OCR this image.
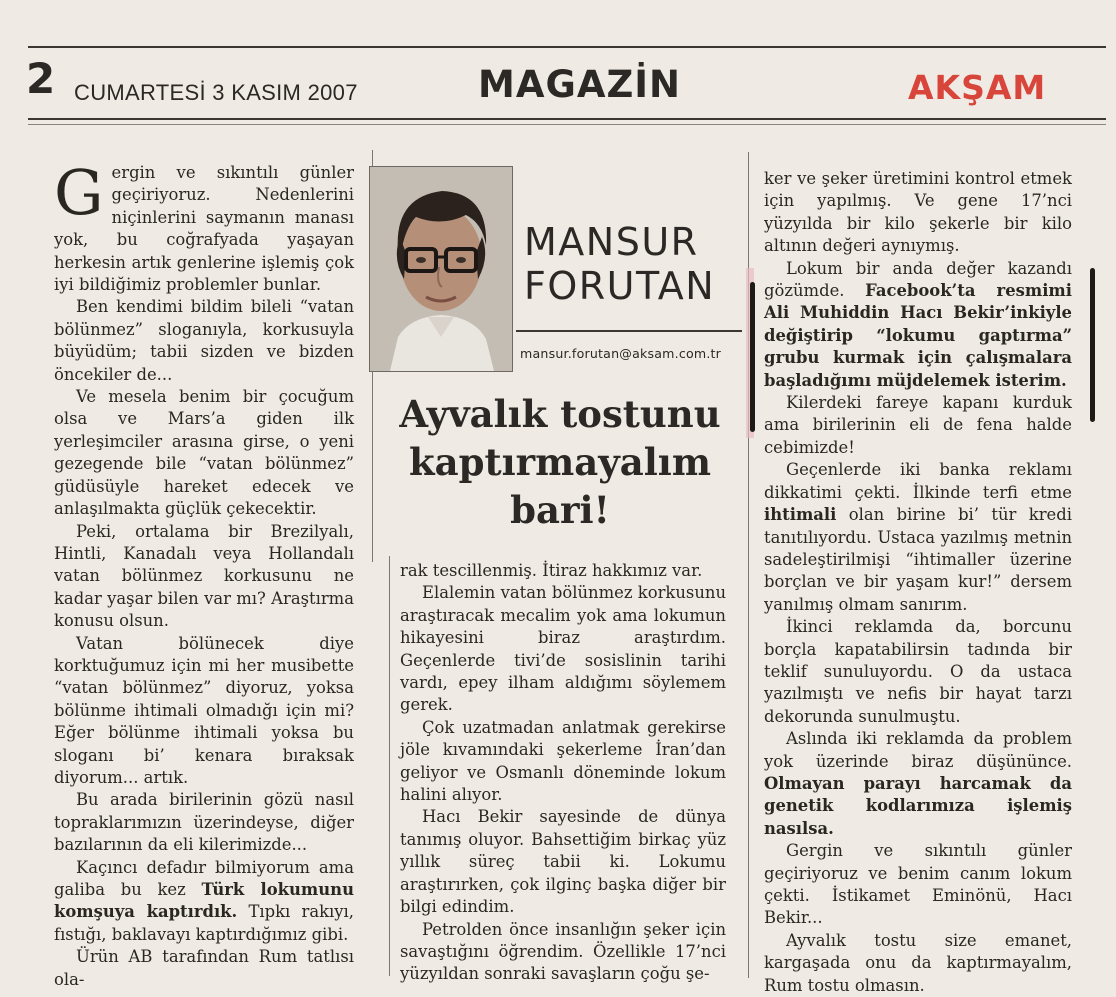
2 CUMARTESİ 3 KASIM 2007	MAGAZİN	AKŞAM
MANSUR
FORUTAN
mansur.forutan@aksam.com.tr
Ayvalık tostunu
kaptırmayalım
bari!

Gergin ve sıkıntılı günler geçiriyoruz. Nedenlerini niçinlerini saymanın manası yok, bu coğrafyada yaşayan herkesin artık genlerine işlemiş çok iyi bildiğimiz problemler bunlar.

Ben kendimi bildim bileli “vatan bölünmez” sloganıyla, korkusuyla büyüdüm; tabii sizden ve bizden öncekiler de...

Ve mesela benim bir çocuğum olsa ve Mars’a giden ilk yerleşimciler arasına girse, o yeni gezegende bile “vatan bölünmez” güdüsüyle hareket edecek ve anlaşılmakta güçlük çekecektir.

Peki, ortalama bir Brezilyalı, Hintli, Kanadalı veya Hollandalı vatan bölünmez korkusunu ne kadar yaşar bilen var mı? Araştırma konusu olsun.

Vatan bölünecek diye korktuğumuz için mi her musibette “vatan bölünmez” diyoruz, yoksa bölünme ihtimali olmadığı için mi? Eğer bölünme ihtimali yoksa bu sloganı bi’ kenara bıraksak diyorum... artık.

Bu arada birilerinin gözü nasıl topraklarımızın üzerindeyse, diğer bazılarının da eli kilerimizde...

Kaçıncı defadır bilmiyorum ama galiba bu kez Türk lokumunu komşuya kaptırdık. Tıpkı rakıyı, fıstığı, baklavayı kaptırdığımız gibi.

Ürün AB tarafından Rum tatlısı ola-

rak tescillenmiş. İtiraz hakkımız var.

Elalemin vatan bölünmez korkusunu araştıracak mecalim yok ama lokumun hikayesini biraz araştırdım. Geçenlerde tivi’de sosislinin tarihi vardı, epey ilham aldığımı söylemem gerek.

Çok uzatmadan anlatmak gerekirse jöle kıvamındaki şekerleme İran’dan geliyor ve Osmanlı döneminde lokum halini alıyor.

Hacı Bekir sayesinde de dünya tanımış oluyor. Bahsettiğim birkaç yüz yıllık süreç tabii ki. Lokumu araştırırken, çok ilginç başka diğer bir bilgi edindim.

Petrolden önce insanlığın şeker için savaştığını öğrendim. Özellikle 17’nci yüzyıldan sonraki savaşların çoğu şe-

ker ve şeker üretimini kontrol etmek için yapılmış. Ve gene 17’nci yüzyılda bir kilo şekerle bir kilo altının değeri aynıymış.

Lokum bir anda değer kazandı gözümde. Facebook’ta resmimi Ali Muhiddin Hacı Bekir’inkiyle değiştirip “lokumu gaptırma” grubu kurmak için çalışmalara başladığımı müjdelemek isterim.

Kilerdeki fareye kapanı kurduk ama birilerinin eli de fena halde cebimizde!

Geçenlerde iki banka reklamı dikkatimi çekti. İlkinde terfi etme ihtimali olan birine bi’ tür kredi tanıtılıyordu. Ustaca yazılmış metnin sadeleştirilmişi “ihtimaller üzerine borçlan ve bir yaşam kur!” dersem yanılmış olmam sanırım.

İkinci reklamda da, borcunu borçla kapatabilirsin tadında bir teklif sunuluyordu. O da ustaca yazılmıştı ve nefis bir hayat tarzı dekorunda sunulmuştu.

Aslında iki reklamda da problem yok üzerinde biraz düşününce. Olmayan parayı harcamak da genetik kodlarımıza işlemiş nasılsa.

Gergin ve sıkıntılı günler geçiriyoruz ve benim canım lokum çekti. İstikamet Eminönü, Hacı Bekir...

Ayvalık tostu size emanet, kargaşada onu da kaptırmayalım, Rum tostu olmasın.
